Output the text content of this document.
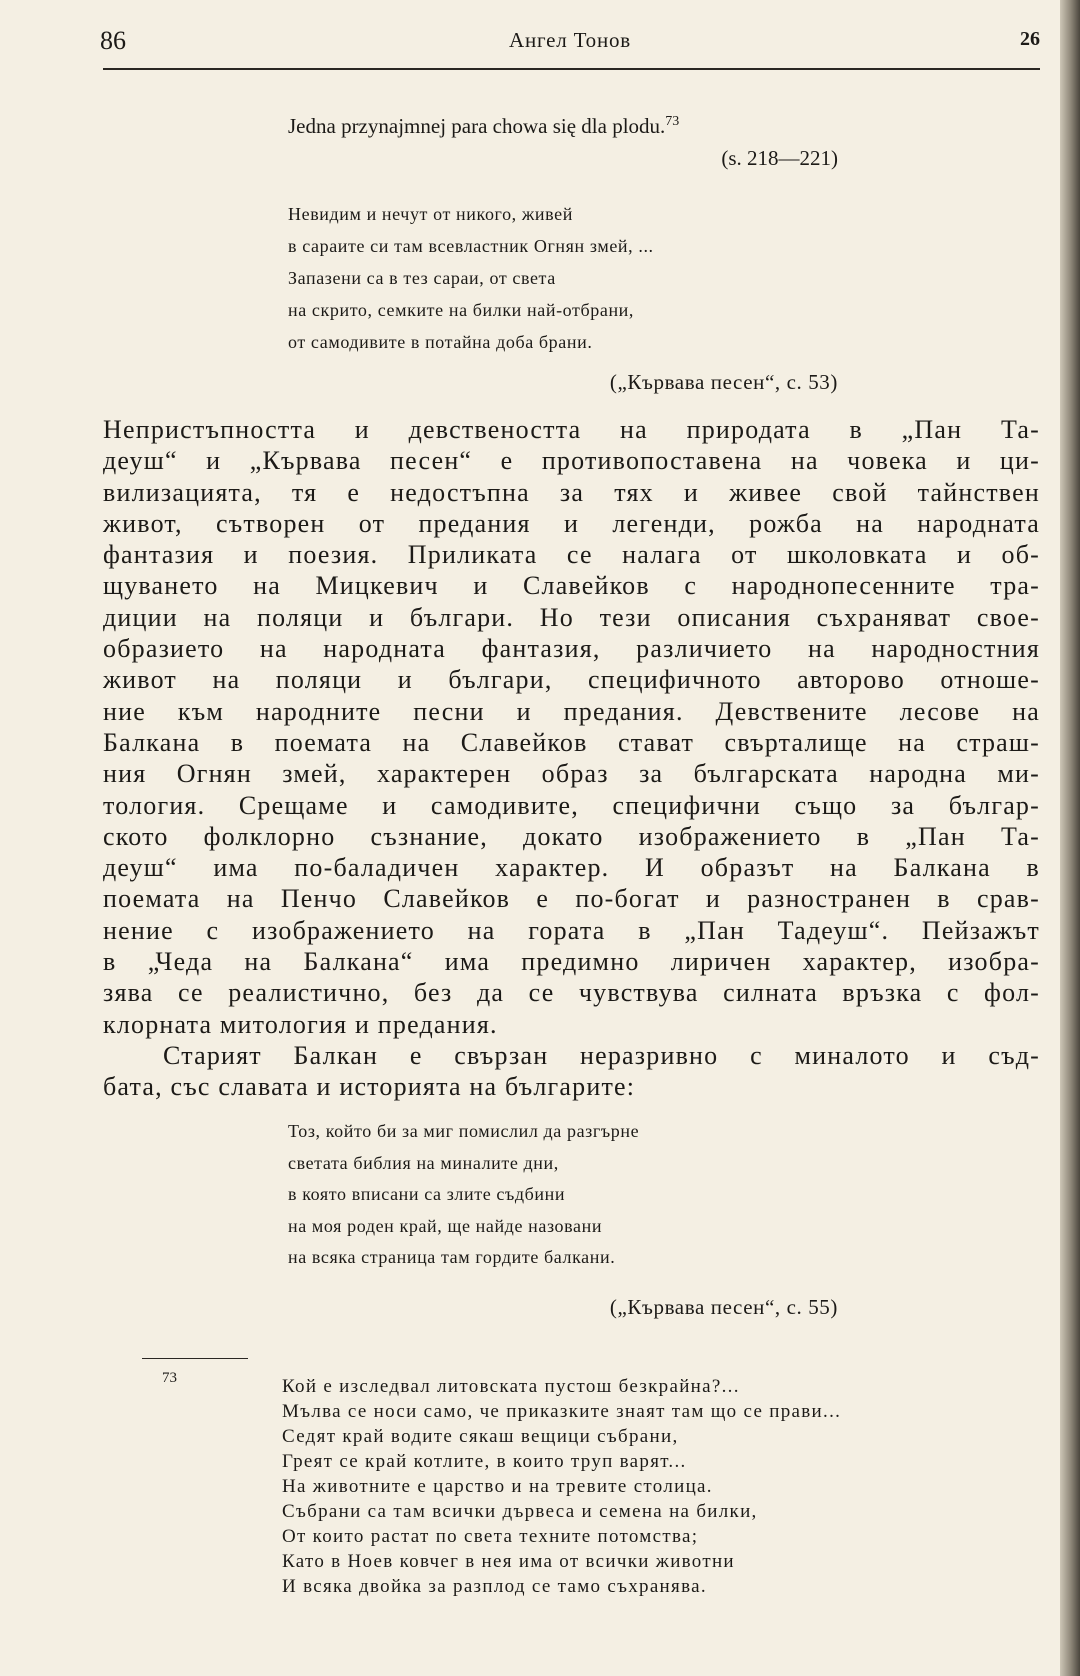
86	Ангел Тонов	26
Jedna przynajmnej para chowa się dla plodu.$^{73}$
(s. 218—221)
Невидим и нечут от никого, живей
в сараите си там всевластник Огнян змей, ...
Запазени са в тез сараи, от света
на скрито, семките на билки най-отбрани,
от самодивите в потайна доба брани.
(„Кървава песен“, с. 53)
Непристъпността и девствеността на природата в „Пан Та-
деуш“ и „Кървава песен“ е противопоставена на човека и ци-
вилизацията, тя е недостъпна за тях и живее свой тайнствен
живот, сътворен от предания и легенди, рожба на народната
фантазия и поезия. Приликата се налага от школовката и об-
щуването на Мицкевич и Славейков с народнопесенните тра-
диции на поляци и българи. Но тези описания съхраняват свое-
образието на народната фантазия, различието на народностния
живот на поляци и българи, специфичното авторово отноше-
ние към народните песни и предания. Девствените лесове на
Балкана в поемата на Славейков стават свърталище на страш-
ния Огнян змей, характерен образ за българската народна ми-
тология. Срещаме и самодивите, специфични също за българ-
ското фолклорно съзнание, докато изображението в „Пан Та-
деуш“ има по-баладичен характер. И образът на Балкана в
поемата на Пенчо Славейков е по-богат и разностранен в срав-
нение с изображението на гората в „Пан Тадеуш“. Пейзажът
в „Чеда на Балкана“ има предимно лиричен характер, изобра-
зява се реалистично, без да се чувствува силната връзка с фол-
клорната митология и предания.
Старият Балкан е свързан неразривно с миналото и съд-
бата, със славата и историята на българите:
Тоз, който би за миг помислил да разгърне
светата библия на миналите дни,
в която вписани са злите съдбини
на моя роден край, ще найде назовани
на всяка страница там гордите балкани.
(„Кървава песен“, с. 55)
73	Кой е изследвал литовската пустош безкрайна?...
Мълва се носи само, че приказките знаят там що се прави...
Седят край водите сякаш вещици събрани,
Греят се край котлите, в които труп варят...
На животните е царство и на тревите столица.
Събрани са там всички дървеса и семена на билки,
От които растат по света техните потомства;
Като в Ноев ковчег в нея има от всички животни
И всяка двойка за разплод се тамо съхранява.
